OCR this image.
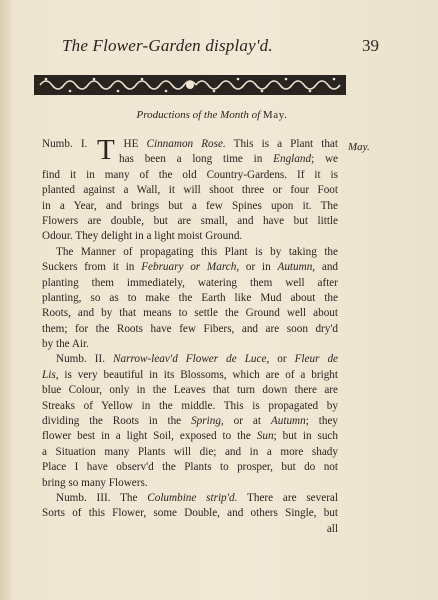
The Flower-Garden display'd.	39
Productions of the Month of May.
May.
Numb. I. T HE Cinnamon Rose. This is a Plant that
has been a long time in England; we
find it in many of the old Country-Gardens. If it is
planted against a Wall, it will shoot three or four Foot
in a Year, and brings but a few Spines upon it. The
Flowers are double, but are small, and have but little
Odour. They delight in a light moist Ground.
The Manner of propagating this Plant is by taking the
Suckers from it in February or March, or in Autumn, and
planting them immediately, watering them well after
planting, so as to make the Earth like Mud about the
Roots, and by that means to settle the Ground well about
them; for the Roots have few Fibers, and are soon dry'd
by the Air.
Numb. II. Narrow-leav'd Flower de Luce, or Fleur de
Lis, is very beautiful in its Blossoms, which are of a bright
blue Colour, only in the Leaves that turn down there are
Streaks of Yellow in the middle. This is propagated by
dividing the Roots in the Spring, or at Autumn; they
flower best in a light Soil, exposed to the Sun; but in such
a Situation many Plants will die; and in a more shady
Place I have observ'd the Plants to prosper, but do not
bring so many Flowers.
Numb. III. The Columbine strip'd. There are several
Sorts of this Flower, some Double, and others Single, but
all
